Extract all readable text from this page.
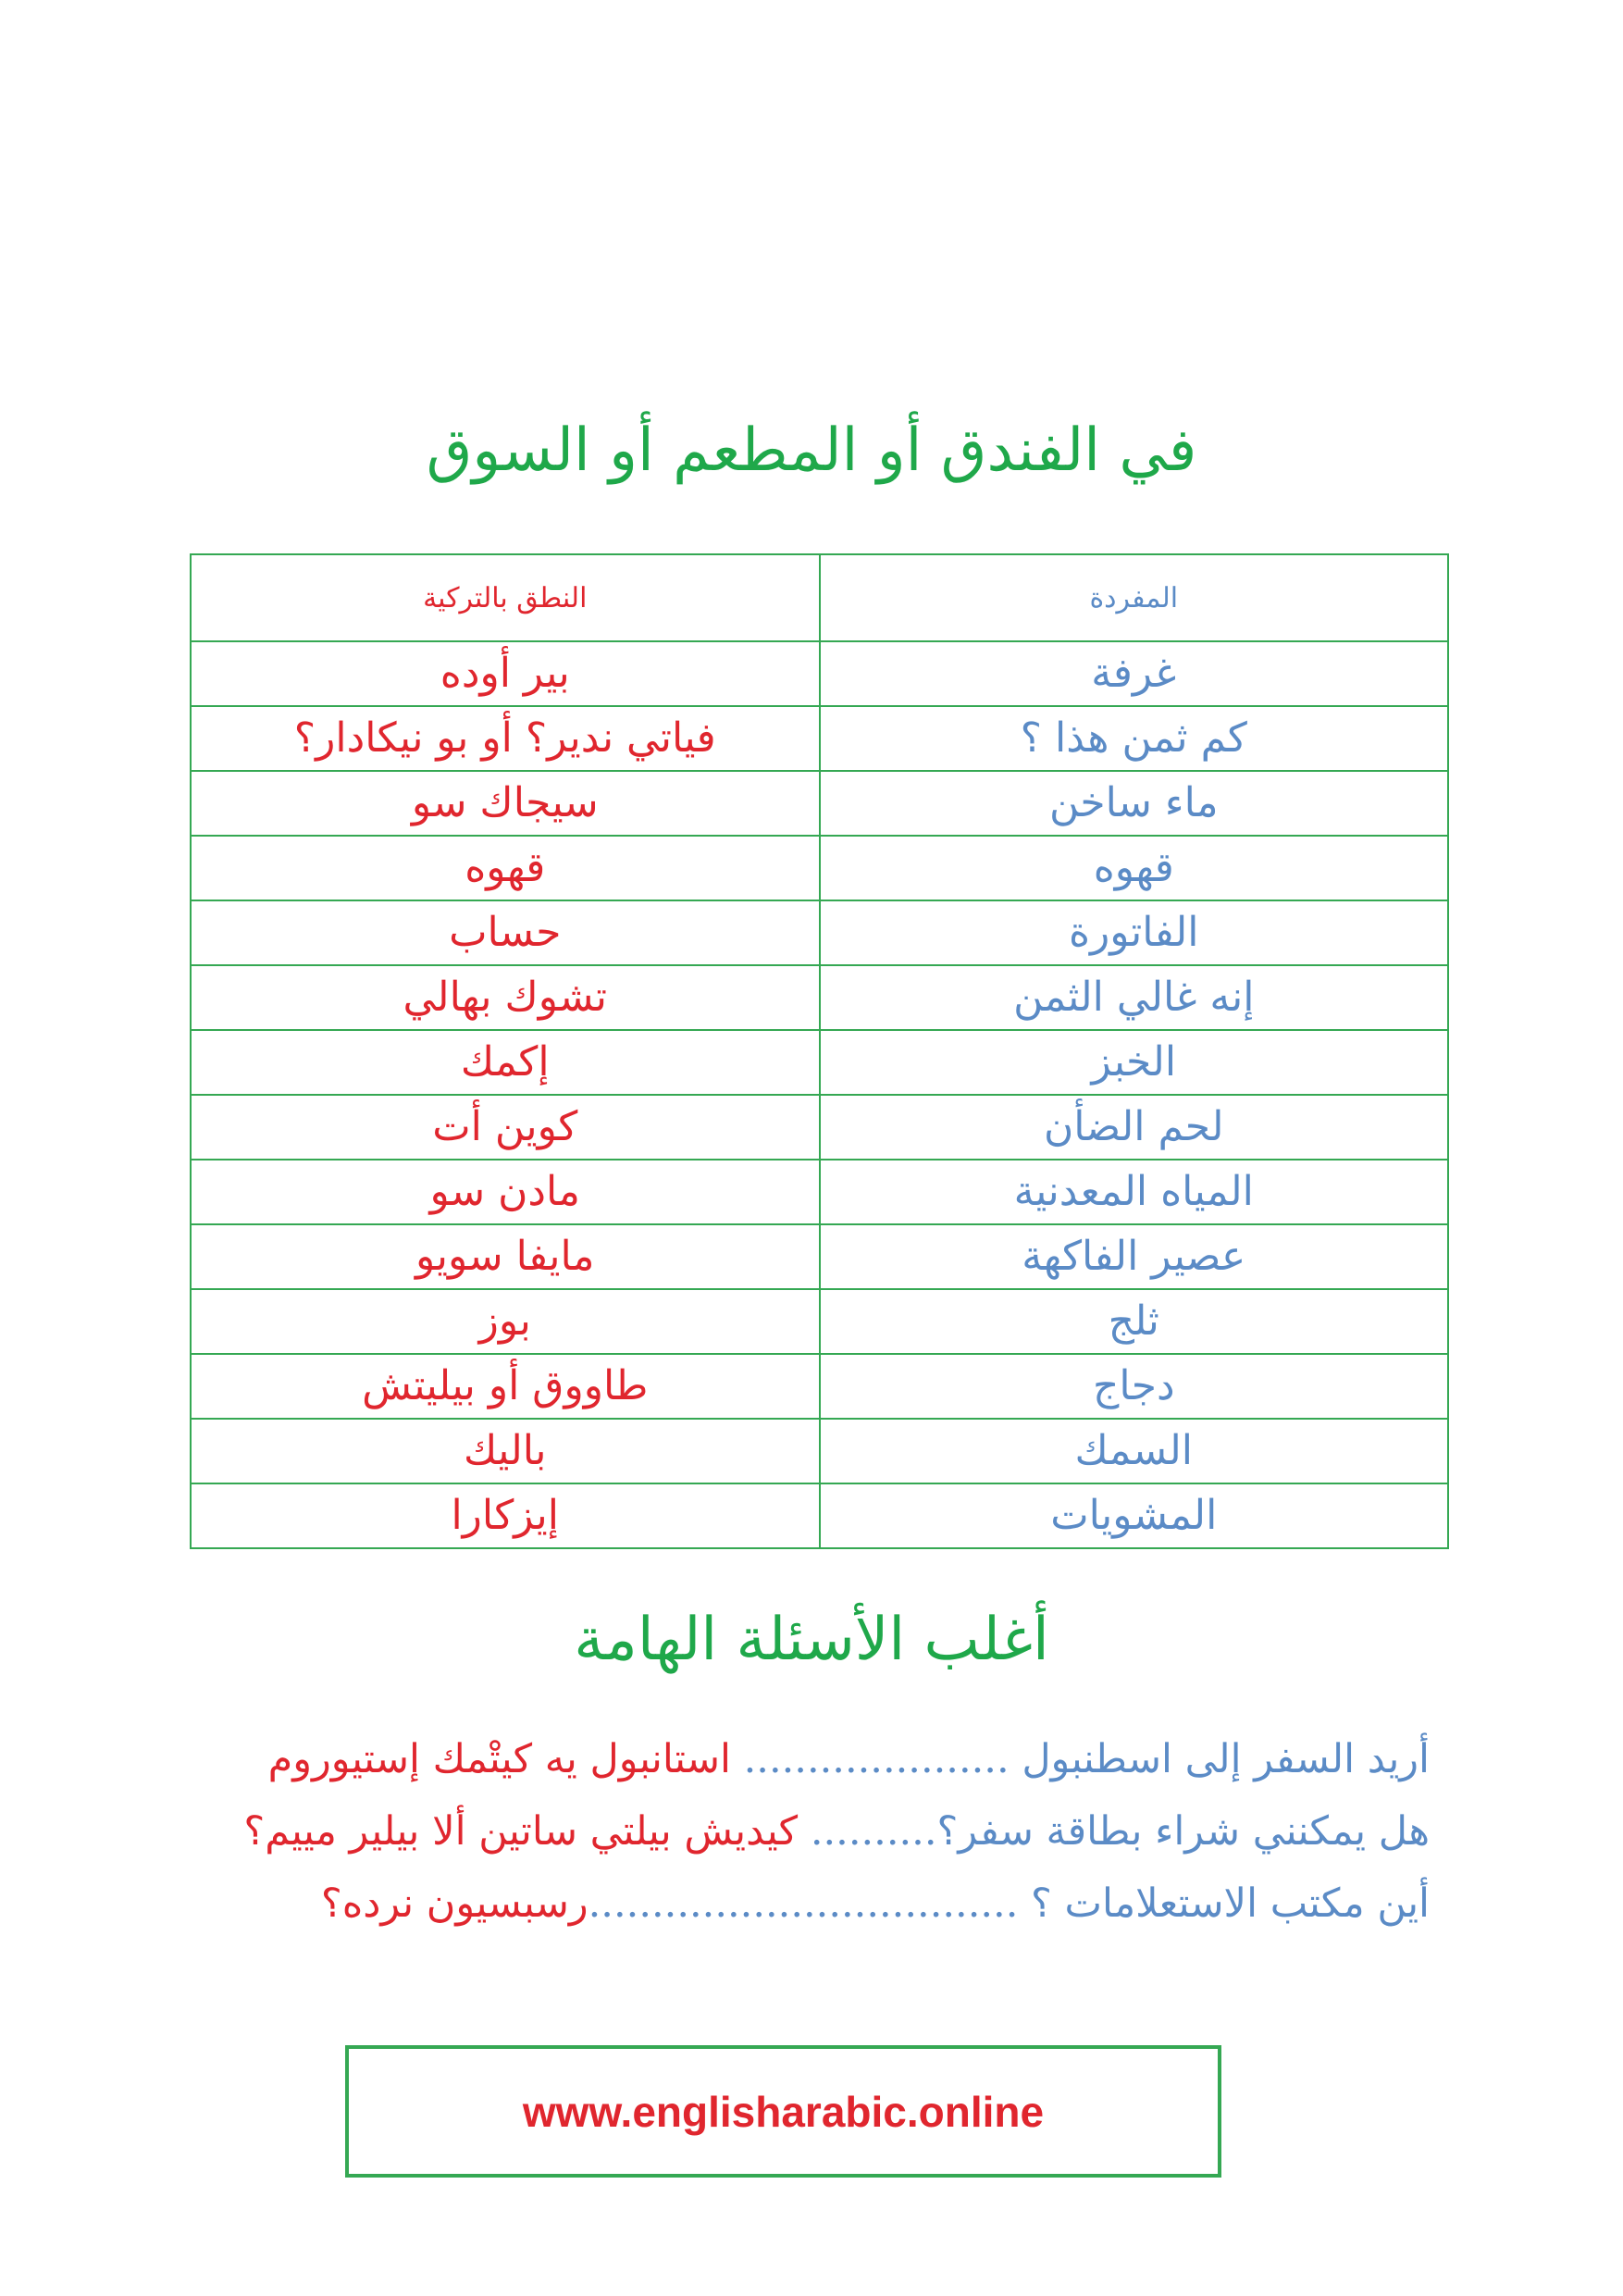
في الفندق أو المطعم أو السوق
المفردة	النطق بالتركية
غرفة	بير أوده
كم ثمن هذا ؟	فياتي ندير؟ أو بو نيكادار؟
ماء ساخن	سيجاك سو
قهوه	قهوه
الفاتورة	حساب
إنه غالي الثمن	تشوك بهالي
الخبز	إكمك
لحم الضأن	كوين أت
المياه المعدنية	مادن سو
عصير الفاكهة	مايفا سويو
ثلج	بوز
دجاج	طاووق أو بيليتش
السمك	باليك
المشويات	إيزكارا
أغلب الأسئلة الهامة
أريد السفر إلى اسطنبول ..................... استانبول يه كيتْمك إستيوروم
هل يمكنني شراء بطاقة سفر؟.......... كيديش بيلتي ساتين ألا بيلير مييم؟
أين مكتب الاستعلامات ؟ ..................................رسبسيون نرده؟
www.englisharabic.online
